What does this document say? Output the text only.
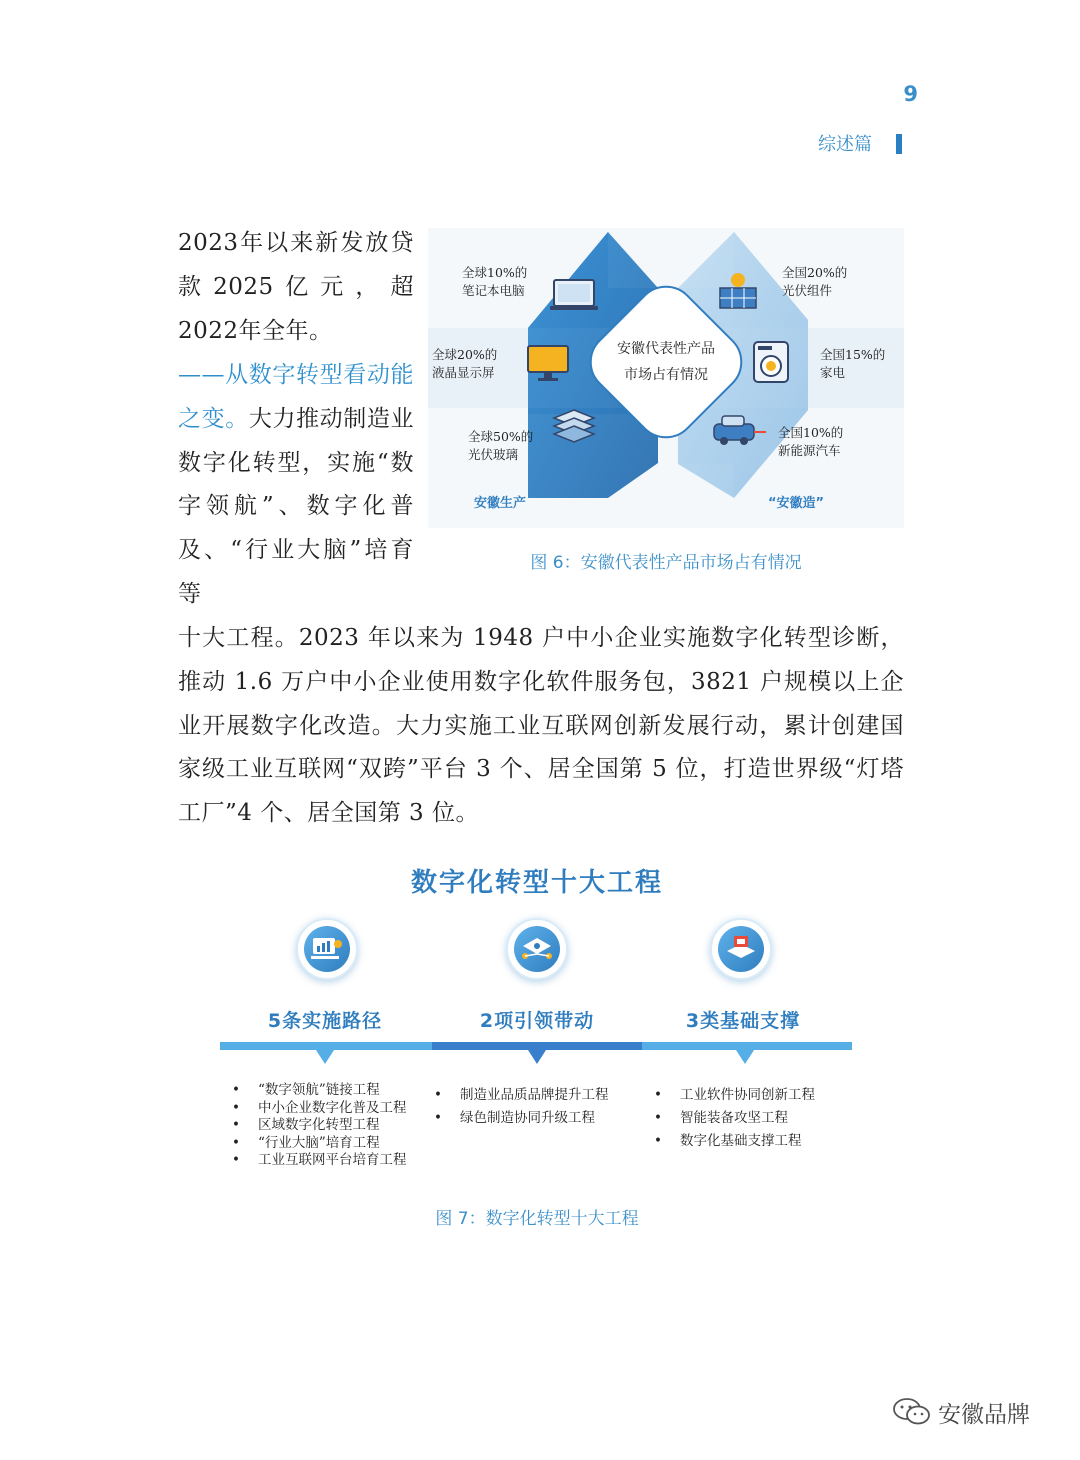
9
综述篇

2023年以来新发放贷款2025亿元，超2022年全年。

——从数字转型看动能之变。大力推动制造业数字化转型，实施“数字领航”、数字化普及、“行业大脑”培育等

十大工程。2023 年以来为 1948 户中小企业实施数字化转型诊断，推动 1.6 万户中小企业使用数字化软件服务包，3821 户规模以上企业开展数字化改造。大力实施工业互联网创新发展行动，累计创建国家级工业互联网“双跨”平台 3 个、居全国第 5 位，打造世界级“灯塔工厂”4 个、居全国第 3 位。

全球10%的
笔记本电脑
全球20%的
液晶显示屏
全球50%的
光伏玻璃
全国20%的
光伏组件
全国15%的
家电
全国10%的
新能源汽车
安徽代表性产品
市场占有情况
安徽生产	“安徽造”
图 6：安徽代表性产品市场占有情况
数字化转型十大工程
5条实施路径	2项引领带动	3类基础支撑
• “数字领航”链接工程
• 中小企业数字化普及工程
• 区域数字化转型工程
• “行业大脑”培育工程
• 工业互联网平台培育工程
• 制造业品质品牌提升工程
• 绿色制造协同升级工程
• 工业软件协同创新工程
• 智能装备攻坚工程
• 数字化基础支撑工程
图 7：数字化转型十大工程
安徽品牌
